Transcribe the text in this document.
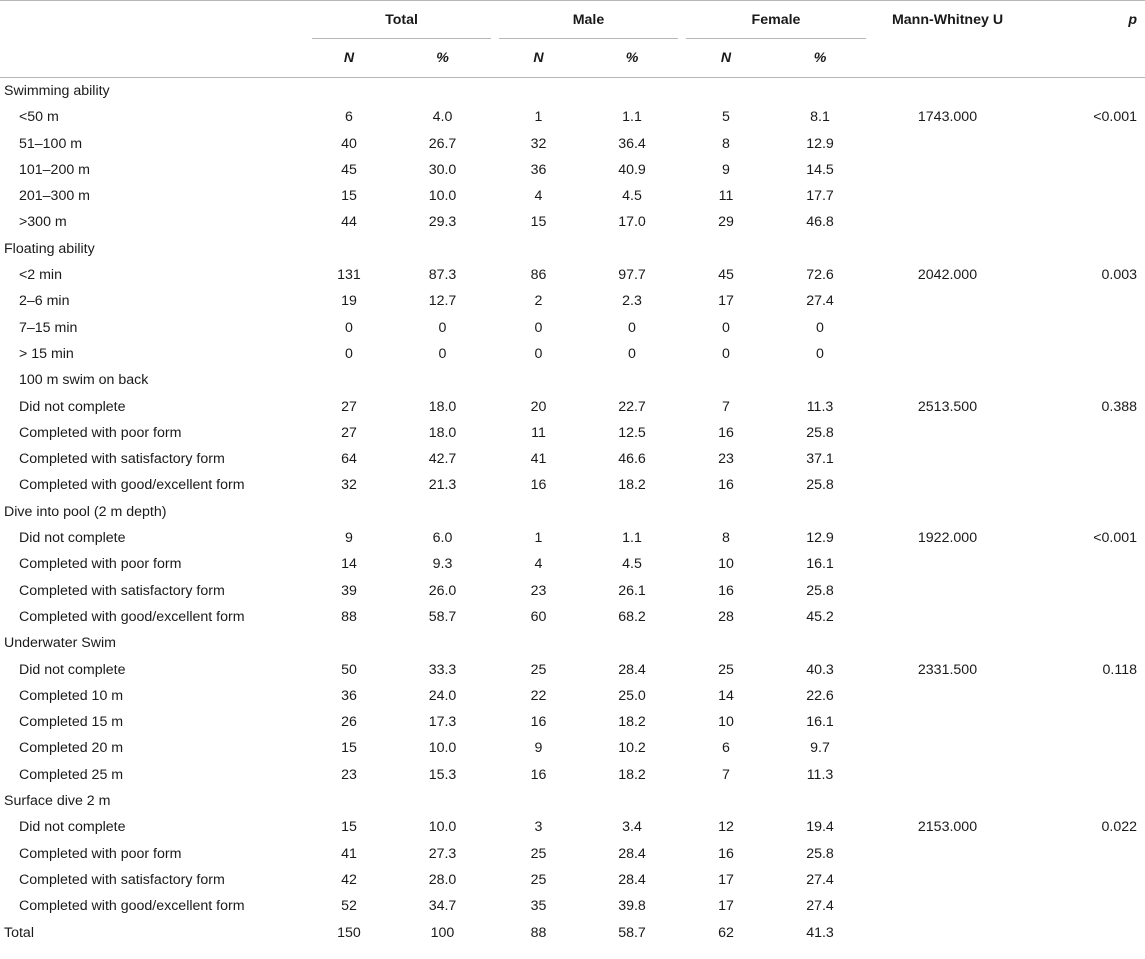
	Total		Male		Female		Mann-Whitney U	p
	N	%	N	%	N	%		

Swimming ability								
<50 m	6	4.0	1	1.1	5	8.1	1743.000	<0.001
51–100 m	40	26.7	32	36.4	8	12.9		
101–200 m	45	30.0	36	40.9	9	14.5		
201–300 m	15	10.0	4	4.5	11	17.7		
>300 m	44	29.3	15	17.0	29	46.8		
Floating ability								
<2 min	131	87.3	86	97.7	45	72.6	2042.000	0.003
2–6 min	19	12.7	2	2.3	17	27.4		
7–15 min	0	0	0	0	0	0		
> 15 min	0	0	0	0	0	0		
100 m swim on back								
Did not complete	27	18.0	20	22.7	7	11.3	2513.500	0.388
Completed with poor form	27	18.0	11	12.5	16	25.8		
Completed with satisfactory form	64	42.7	41	46.6	23	37.1		
Completed with good/excellent form	32	21.3	16	18.2	16	25.8		
Dive into pool (2 m depth)								
Did not complete	9	6.0	1	1.1	8	12.9	1922.000	<0.001
Completed with poor form	14	9.3	4	4.5	10	16.1		
Completed with satisfactory form	39	26.0	23	26.1	16	25.8		
Completed with good/excellent form	88	58.7	60	68.2	28	45.2		
Underwater Swim								
Did not complete	50	33.3	25	28.4	25	40.3	2331.500	0.118
Completed 10 m	36	24.0	22	25.0	14	22.6		
Completed 15 m	26	17.3	16	18.2	10	16.1		
Completed 20 m	15	10.0	9	10.2	6	9.7		
Completed 25 m	23	15.3	16	18.2	7	11.3		
Surface dive 2 m								
Did not complete	15	10.0	3	3.4	12	19.4	2153.000	0.022
Completed with poor form	41	27.3	25	28.4	16	25.8		
Completed with satisfactory form	42	28.0	25	28.4	17	27.4		
Completed with good/excellent form	52	34.7	35	39.8	17	27.4		
Total	150	100	88	58.7	62	41.3		
